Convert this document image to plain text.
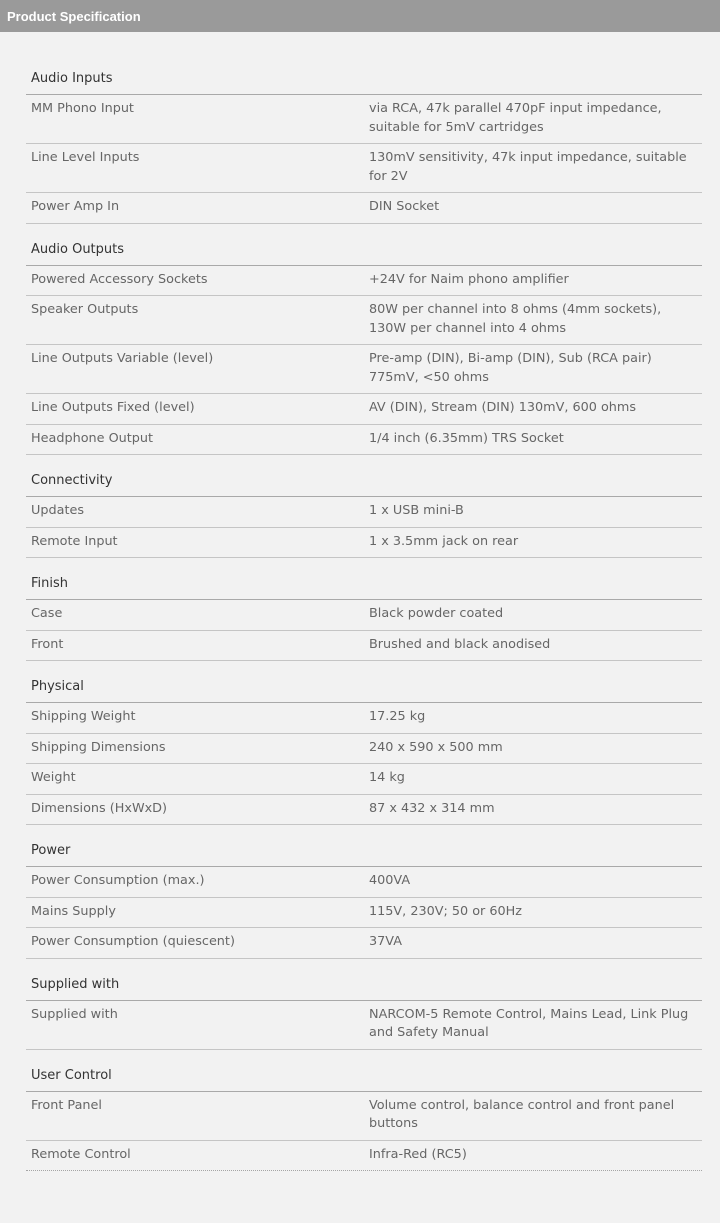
Product Specification
Audio Inputs
MM Phono Input	via RCA, 47k parallel 470pF input impedance, suitable for 5mV cartridges
Line Level Inputs	130mV sensitivity, 47k input impedance, suitable for 2V
Power Amp In	DIN Socket
Audio Outputs
Powered Accessory Sockets	+24V for Naim phono amplifier
Speaker Outputs	80W per channel into 8 ohms (4mm sockets), 130W per channel into 4 ohms
Line Outputs Variable (level)	Pre-amp (DIN), Bi-amp (DIN), Sub (RCA pair) 775mV, <50 ohms
Line Outputs Fixed (level)	AV (DIN), Stream (DIN) 130mV, 600 ohms
Headphone Output	1/4 inch (6.35mm) TRS Socket
Connectivity
Updates	1 x USB mini-B
Remote Input	1 x 3.5mm jack on rear
Finish
Case	Black powder coated
Front	Brushed and black anodised
Physical
Shipping Weight	17.25 kg
Shipping Dimensions	240 x 590 x 500 mm
Weight	14 kg
Dimensions (HxWxD)	87 x 432 x 314 mm
Power
Power Consumption (max.)	400VA
Mains Supply	115V, 230V; 50 or 60Hz
Power Consumption (quiescent)	37VA
Supplied with
Supplied with	NARCOM-5 Remote Control, Mains Lead, Link Plug and Safety Manual
User Control
Front Panel	Volume control, balance control and front panel buttons
Remote Control	Infra-Red (RC5)
